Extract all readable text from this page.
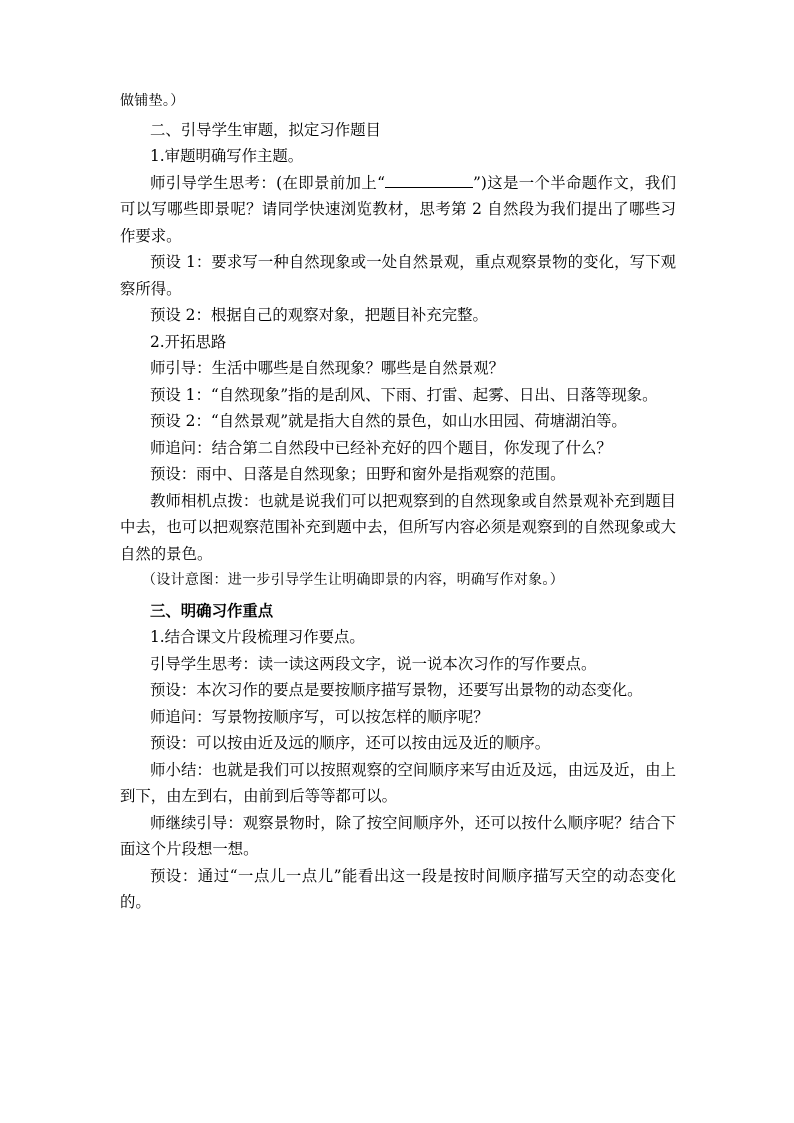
做铺垫。）

二、引导学生审题，拟定习作题目

1.审题明确写作主题。

师引导学生思考：(在即景前加上“	”)这是一个半命题作文，我们可以写哪些即景呢？请同学快速浏览教材，思考第 2 自然段为我们提出了哪些习作要求。

预设 1：要求写一种自然现象或一处自然景观，重点观察景物的变化，写下观察所得。

预设 2：根据自己的观察对象，把题目补充完整。

2.开拓思路

师引导：生活中哪些是自然现象？哪些是自然景观？

预设 1：“自然现象”指的是刮风、下雨、打雷、起雾、日出、日落等现象。

预设 2：“自然景观”就是指大自然的景色，如山水田园、荷塘湖泊等。

师追问：结合第二自然段中已经补充好的四个题目，你发现了什么？

预设：雨中、日落是自然现象；田野和窗外是指观察的范围。

教师相机点拨：也就是说我们可以把观察到的自然现象或自然景观补充到题目中去，也可以把观察范围补充到题中去，但所写内容必须是观察到的自然现象或大自然的景色。

（设计意图：进一步引导学生让明确即景的内容，明确写作对象。）

三、明确习作重点

1.结合课文片段梳理习作要点。

引导学生思考：读一读这两段文字，说一说本次习作的写作要点。

预设：本次习作的要点是要按顺序描写景物，还要写出景物的动态变化。

师追问：写景物按顺序写，可以按怎样的顺序呢？

预设：可以按由近及远的顺序，还可以按由远及近的顺序。

师小结：也就是我们可以按照观察的空间顺序来写由近及远，由远及近，由上到下，由左到右，由前到后等等都可以。

师继续引导：观察景物时，除了按空间顺序外，还可以按什么顺序呢？结合下面这个片段想一想。

预设：通过“一点儿一点儿”能看出这一段是按时间顺序描写天空的动态变化的。
